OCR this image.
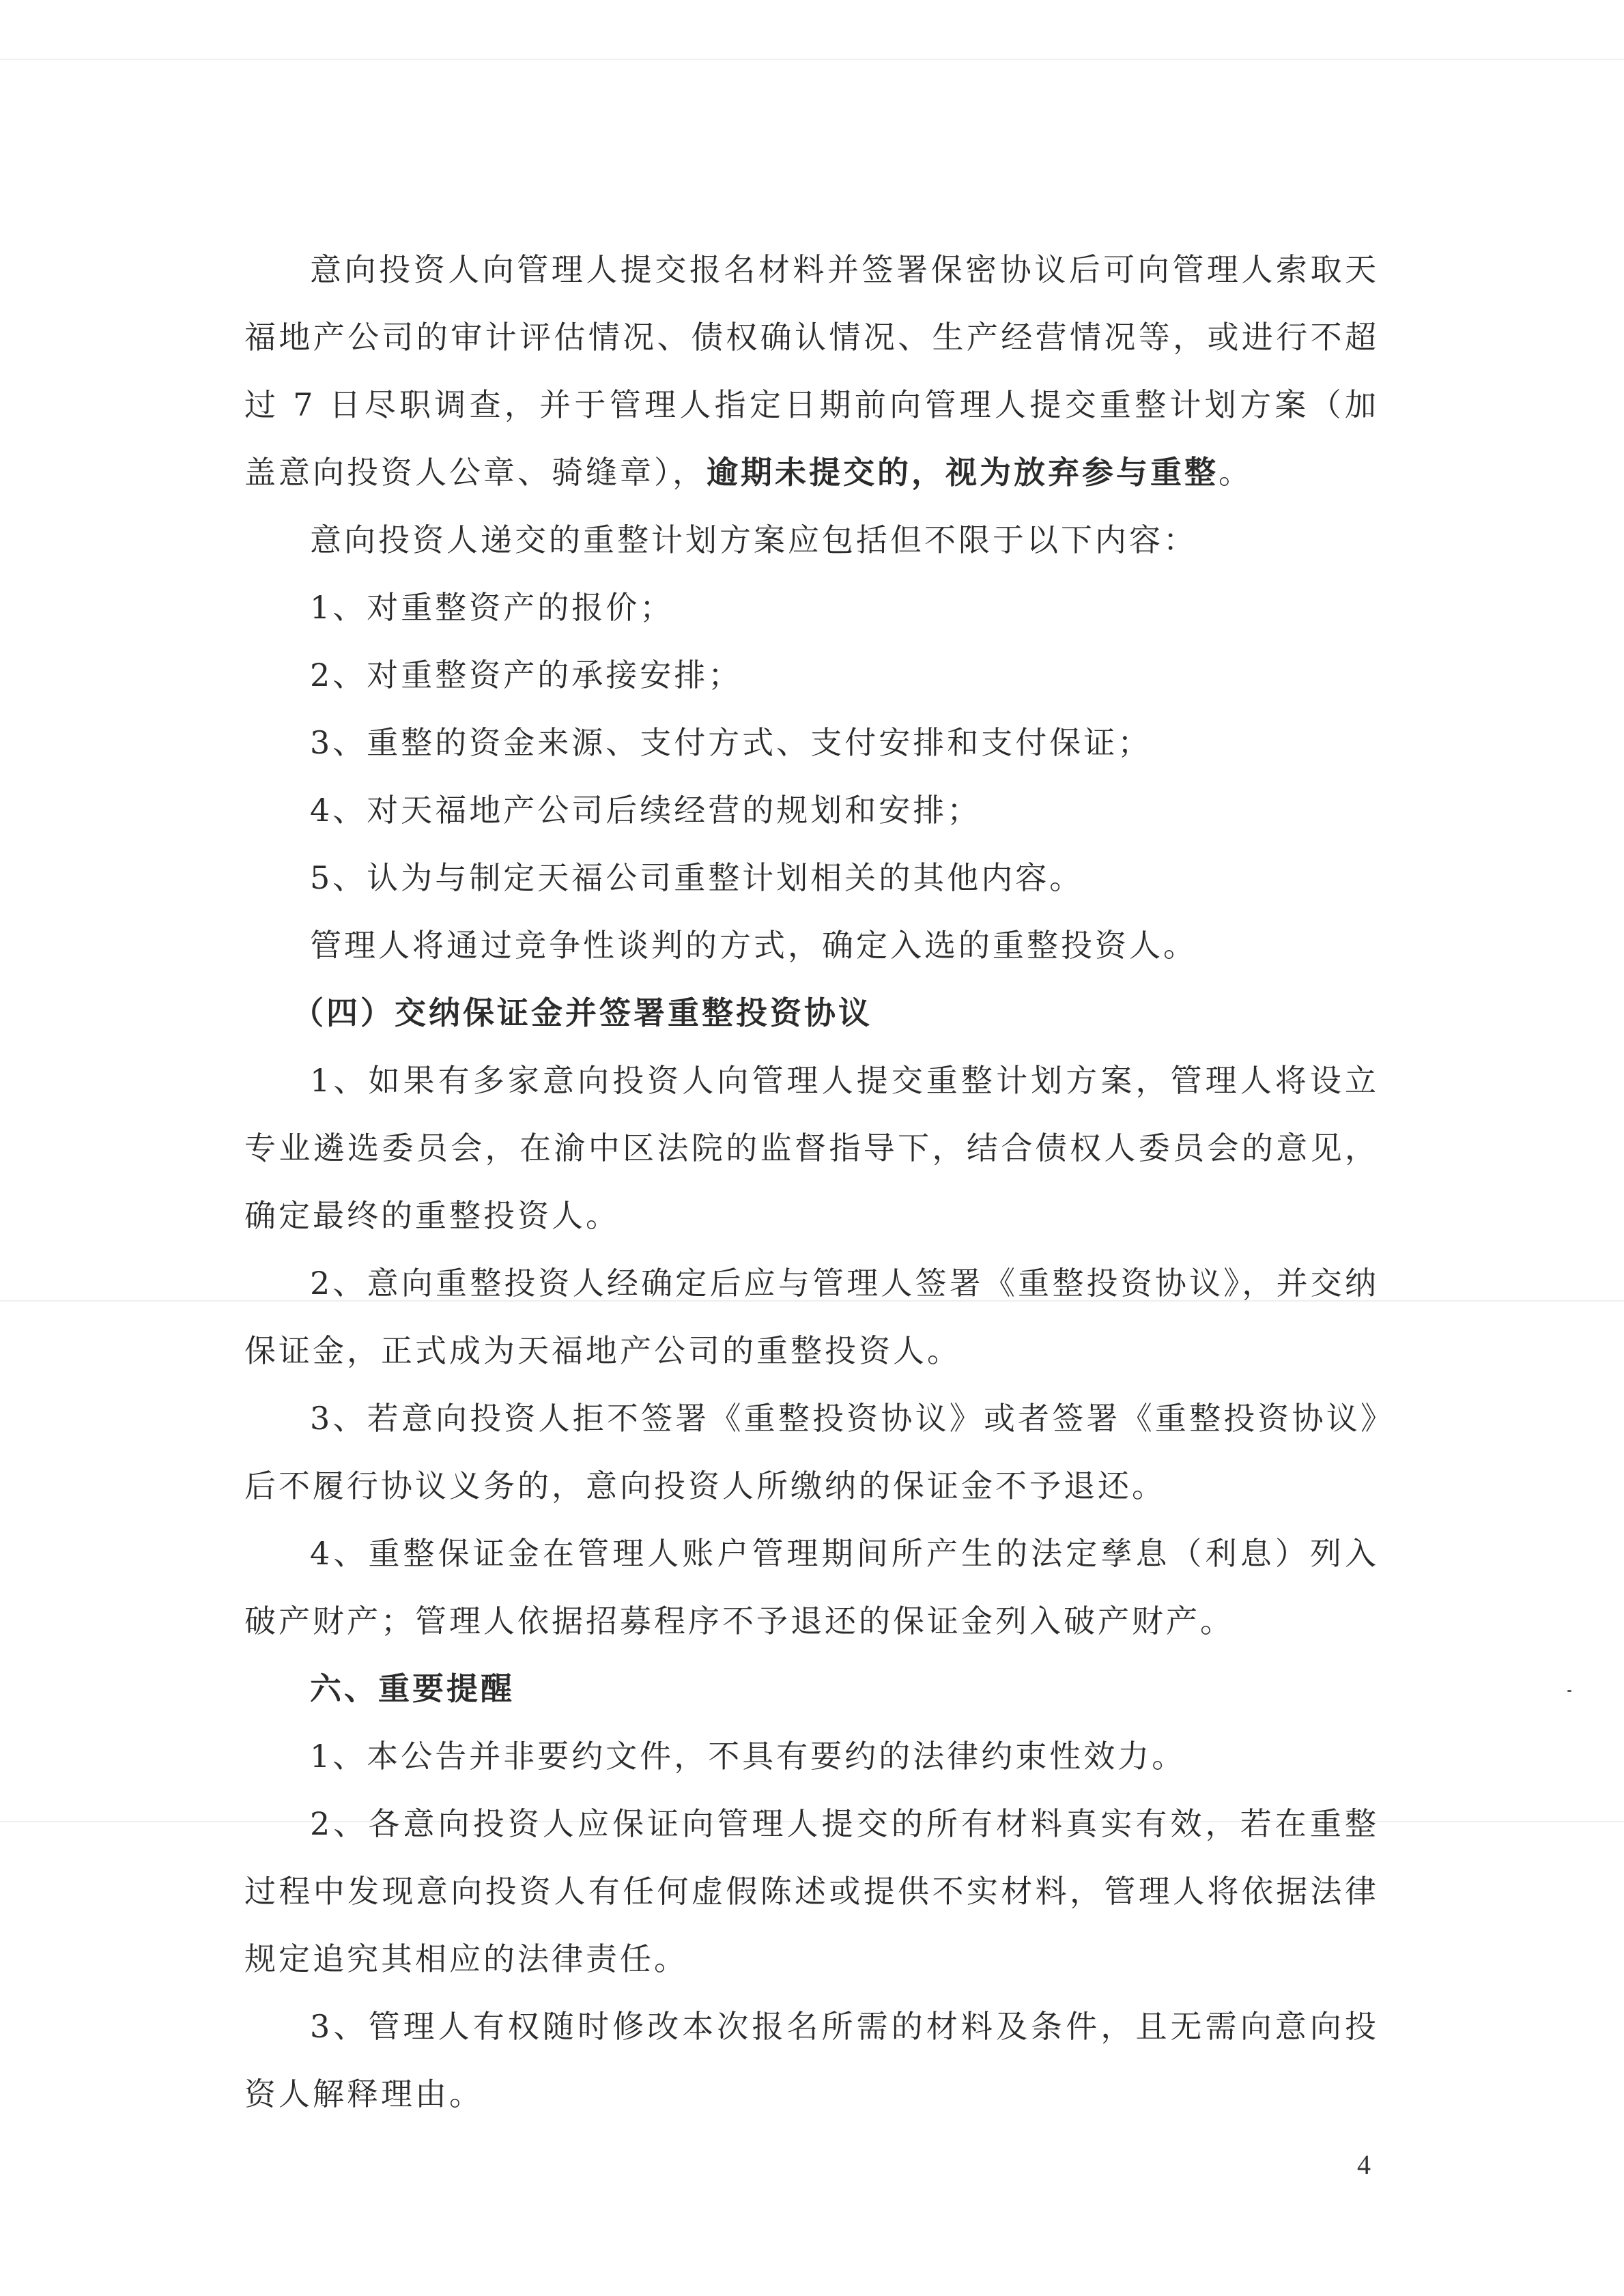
意向投资人向管理人提交报名材料并签署保密协议后可向管理人索取天福地产公司的审计评估情况、债权确认情况、生产经营情况等，或进行不超过 7 日尽职调查，并于管理人指定日期前向管理人提交重整计划方案（加盖意向投资人公章、骑缝章），逾期未提交的，视为放弃参与重整。

意向投资人递交的重整计划方案应包括但不限于以下内容：

1、对重整资产的报价；

2、对重整资产的承接安排；

3、重整的资金来源、支付方式、支付安排和支付保证；

4、对天福地产公司后续经营的规划和安排；

5、认为与制定天福公司重整计划相关的其他内容。

管理人将通过竞争性谈判的方式，确定入选的重整投资人。

（四）交纳保证金并签署重整投资协议

1、如果有多家意向投资人向管理人提交重整计划方案，管理人将设立专业遴选委员会，在渝中区法院的监督指导下，结合债权人委员会的意见，确定最终的重整投资人。

2、意向重整投资人经确定后应与管理人签署《重整投资协议》，并交纳保证金，正式成为天福地产公司的重整投资人。

3、若意向投资人拒不签署《重整投资协议》或者签署《重整投资协议》后不履行协议义务的，意向投资人所缴纳的保证金不予退还。

4、重整保证金在管理人账户管理期间所产生的法定孳息（利息）列入破产财产；管理人依据招募程序不予退还的保证金列入破产财产。

六、重要提醒

1、本公告并非要约文件，不具有要约的法律约束性效力。

2、各意向投资人应保证向管理人提交的所有材料真实有效，若在重整过程中发现意向投资人有任何虚假陈述或提供不实材料，管理人将依据法律规定追究其相应的法律责任。

3、管理人有权随时修改本次报名所需的材料及条件，且无需向意向投资人解释理由。

4
